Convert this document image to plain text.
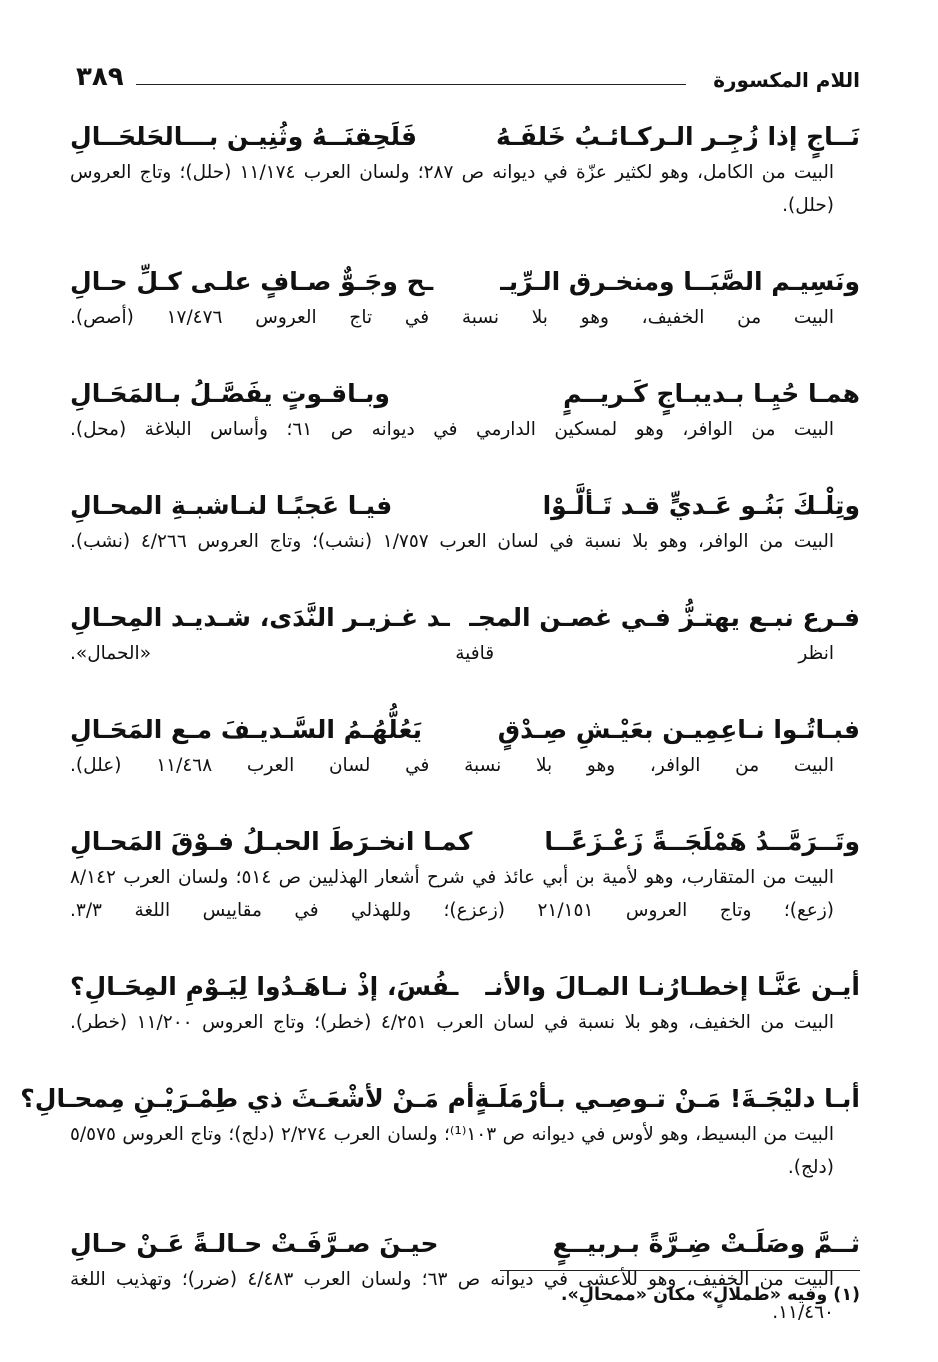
اللام المكسورة
٣٨٩
نَــاجٍ إذا زُجِـر الـركـائـبُ خَلفَـهُ
فَلَحِقنَــهُ وثُنِيـن بـــالحَلحَــالِ
البيت من الكامل، وهو لكثير عزّة في ديوانه ص ٢٨٧؛ ولسان العرب ١١/١٧٤ (حلل)؛ وتاج العروس (حلل).
ونَسِيـم الصَّبَــا ومنخـرق الـرِّيـ
ـح وجَـوٌّ صـافٍ علـى كـلِّ حـالِ
البيت من الخفيف، وهو بلا نسبة في تاج العروس ١٧/٤٧٦ (أصص).
همـا حُيِـا بـديبـاجٍ كَـريــمٍ
وبـاقـوتٍ يفَصَّـلُ بـالمَحَـالِ
البيت من الوافر، وهو لمسكين الدارمي في ديوانه ص ٦١؛ وأساس البلاغة (محل).
وتِلْـكَ بَنُـو عَـديٍّ قـد تَـألَّـوْا
فيـا عَجبًـا لنـاشبـةِ المحـالِ
البيت من الوافر، وهو بلا نسبة في لسان العرب ١/٧٥٧ (نشب)؛ وتاج العروس ٤/٢٦٦ (نشب).
فـرع نبـع يهتـزُّ فـي غصـن المجـ
ـد غـزيـر النَّدَى، شـديـد المِحـالِ
انظر قافية «الحمال».
فبـاتُـوا نـاعِمِيـن بعَيْـشِ صِـدْقٍ
يَعُلُّهُـمُ السَّـديـفَ مـع المَحَـالِ
البيت من الوافر، وهو بلا نسبة في لسان العرب ١١/٤٦٨ (علل).
وتَــرَمَّــدُ هَمْلَجَــةً زَعْـزَعًــا
كمـا انخـرَطَ الحبـلُ فـوْقَ المَحـالِ
البيت من المتقارب، وهو لأمية بن أبي عائذ في شرح أشعار الهذليين ص ٥١٤؛ ولسان العرب ٨/١٤٢ (زعع)؛ وتاج العروس ٢١/١٥١ (زعزع)؛ وللهذلي في مقاييس اللغة ٣/٣.
أيـن عَنَّـا إخطـارُنـا المـالَ والأنـ
ـفُسَ، إذْ نـاهَـدُوا لِيَـوْمِ المِحَـالِ؟
البيت من الخفيف، وهو بلا نسبة في لسان العرب ٤/٢٥١ (خطر)؛ وتاج العروس ١١/٢٠٠ (خطر).
أبـا دليْجَـةَ! مَـنْ تـوصِـي بـأرْمَلَـةٍ
أم مَـنْ لأشْعَـثَ ذي طِمْـرَيْـنِ مِمحـالِ؟
البيت من البسيط، وهو لأوس في ديوانه ص ١٠٣⁽¹⁾؛ ولسان العرب ٢/٢٧٤ (دلج)؛ وتاج العروس ٥/٥٧٥ (دلج).
ثــمَّ وصَلَـتْ ضِـرَّةً بـربيــعٍ
حيـنَ صـرَّفَـتْ حـالـةً عَـنْ حـالِ
البيت من الخفيف، وهو للأعشى في ديوانه ص ٦٣؛ ولسان العرب ٤/٤٨٣ (ضرر)؛ وتهذيب اللغة ١١/٤٦٠.
(١) وفيه «طملالٍ» مكان «ممحالِ».
